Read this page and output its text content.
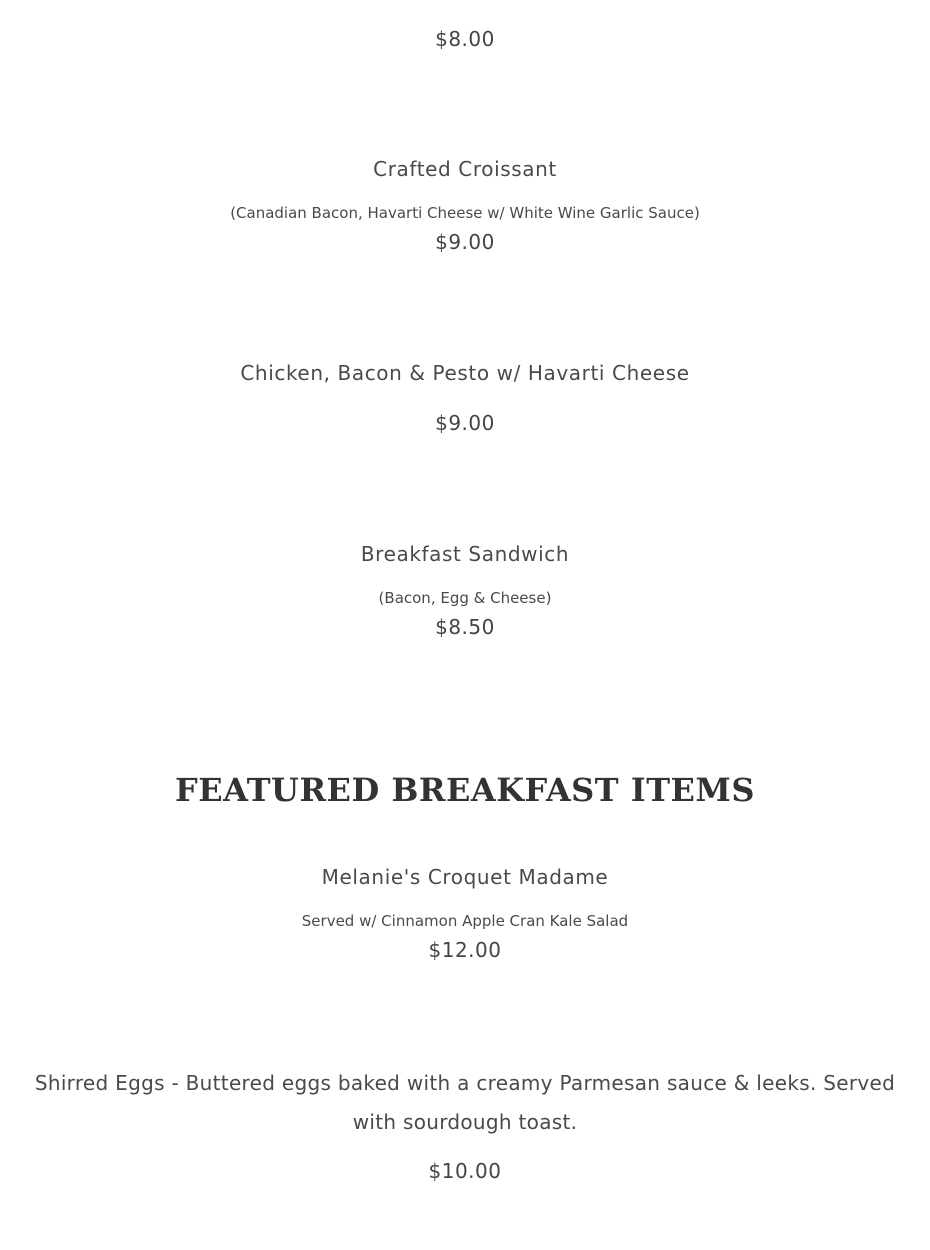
$8.00
Crafted Croissant
(Canadian Bacon, Havarti Cheese w/ White Wine Garlic Sauce)
$9.00
Chicken, Bacon & Pesto w/ Havarti Cheese
$9.00
Breakfast Sandwich
(Bacon, Egg & Cheese)
$8.50
FEATURED BREAKFAST ITEMS
Melanie's Croquet Madame
Served w/ Cinnamon Apple Cran Kale Salad
$12.00
Shirred Eggs - Buttered eggs baked with a creamy Parmesan sauce & leeks. Served with sourdough toast.
$10.00
